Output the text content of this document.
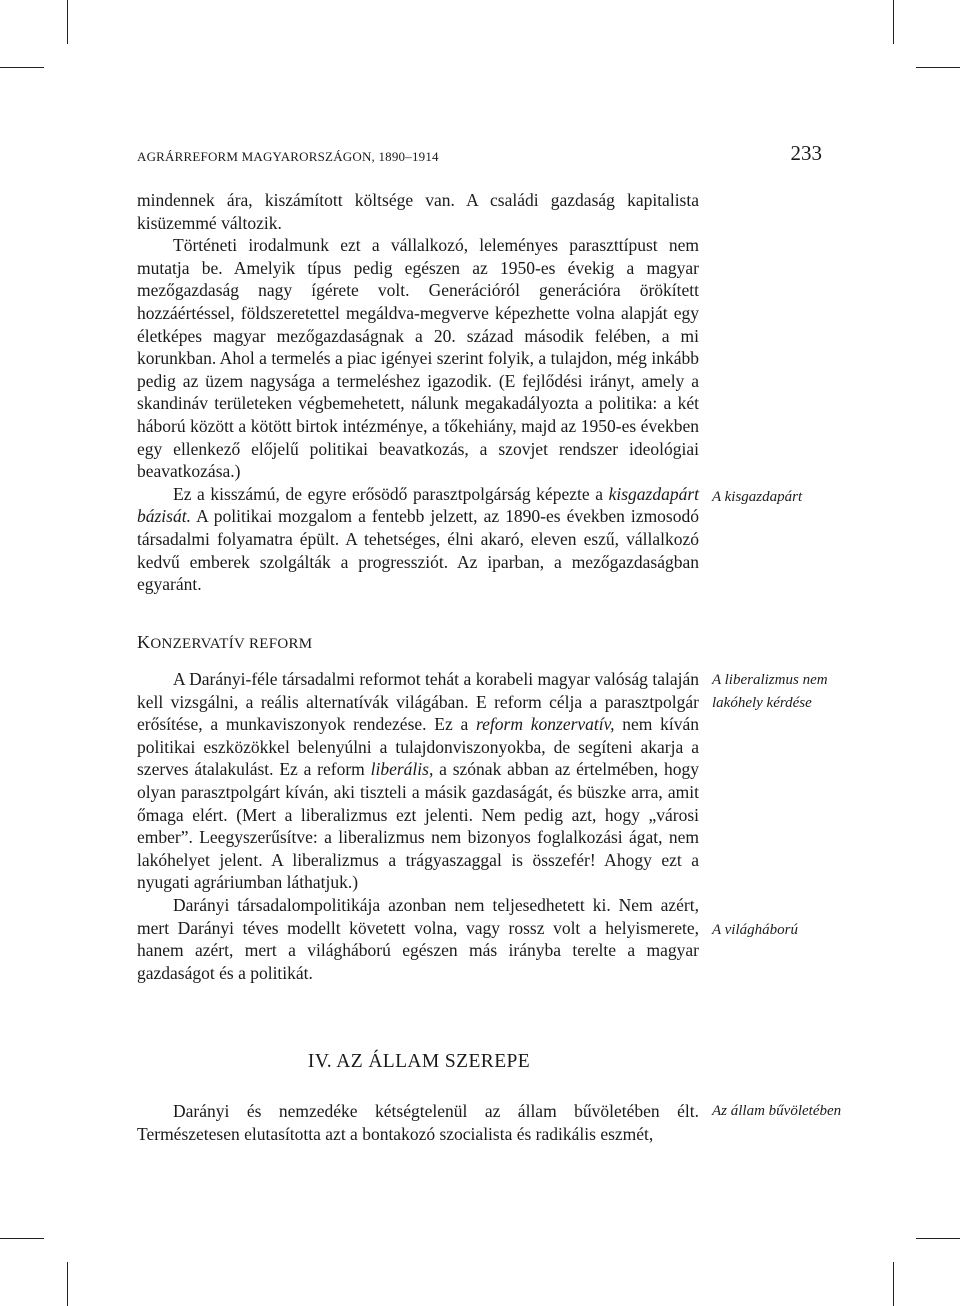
AGRÁRREFORM MAGYARORSZÁGON, 1890–1914	233

mindennek ára, kiszámított költsége van. A családi gazdaság kapitalista kisüzemmé változik.

Történeti irodalmunk ezt a vállalkozó, leleményes paraszttípust nem mutatja be. Amelyik típus pedig egészen az 1950-es évekig a magyar mezőgazdaság nagy ígérete volt. Generációról generációra örökített hozzáértéssel, földszeretettel megáldva-megverve képezhette volna alapját egy életképes magyar mezőgazdaságnak a 20. század második felében, a mi korunkban. Ahol a termelés a piac igényei szerint folyik, a tulajdon, még inkább pedig az üzem nagysága a termeléshez igazodik. (E fejlődési irányt, amely a skandináv területeken végbemehetett, nálunk megakadályozta a politika: a két háború között a kötött birtok intézménye, a tőkehiány, majd az 1950-es években egy ellenkező előjelű politikai beavatkozás, a szovjet rendszer ideológiai beavatkozása.)

Ez a kisszámú, de egyre erősödő parasztpolgárság képezte a kisgazdapárt bázisát. A politikai mozgalom a fentebb jelzett, az 1890-es években izmosodó társadalmi folyamatra épült. A tehetséges, élni akaró, eleven eszű, vállalkozó kedvű emberek szolgálták a progressziót. Az iparban, a mezőgazdaságban egyaránt.

A kisgazdapárt
KONZERVATÍV REFORM

A Darányi-féle társadalmi reformot tehát a korabeli magyar valóság talaján kell vizsgálni, a reális alternatívák világában. E reform célja a parasztpolgár erősítése, a munkaviszonyok rendezése. Ez a reform konzervatív, nem kíván politikai eszközökkel belenyúlni a tulajdonviszonyokba, de segíteni akarja a szerves átalakulást. Ez a reform liberális, a szónak abban az értelmében, hogy olyan parasztpolgárt kíván, aki tiszteli a másik gazdaságát, és büszke arra, amit őmaga elért. (Mert a liberalizmus ezt jelenti. Nem pedig azt, hogy „városi ember”. Leegyszerűsítve: a liberalizmus nem bizonyos foglalkozási ágat, nem lakóhelyet jelent. A liberalizmus a trágyaszaggal is összefér! Ahogy ezt a nyugati agráriumban láthatjuk.)

Darányi társadalompolitikája azonban nem teljesedhetett ki. Nem azért, mert Darányi téves modellt követett volna, vagy rossz volt a helyismerete, hanem azért, mert a világháború egészen más irányba terelte a magyar gazdaságot és a politikát.

A liberalizmus nem lakóhely kérdése
A világháború
IV. AZ ÁLLAM SZEREPE

Darányi és nemzedéke kétségtelenül az állam bűvöletében élt. Természetesen elutasította azt a bontakozó szocialista és radikális eszmét,

Az állam bűvöletében
